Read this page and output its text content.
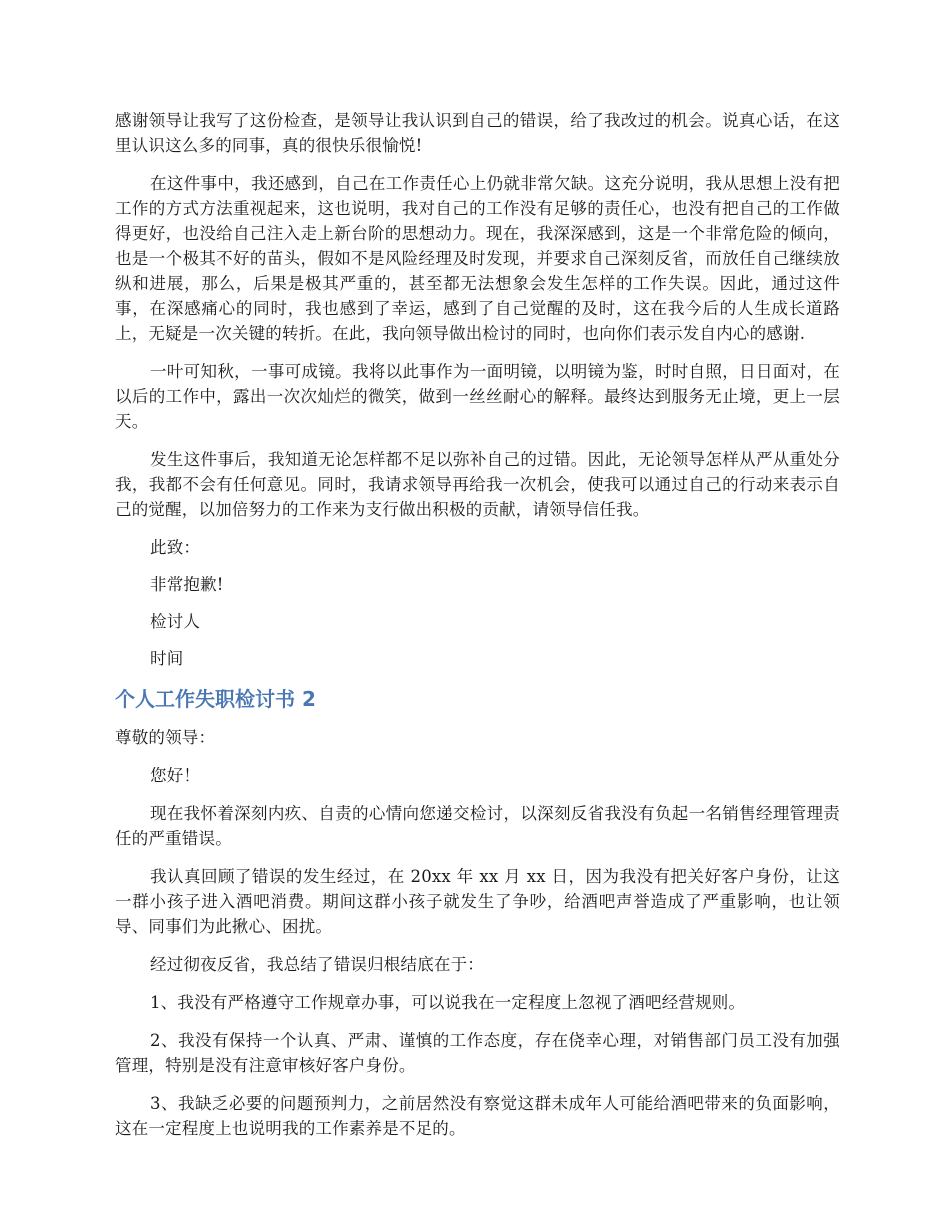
感谢领导让我写了这份检查，是领导让我认识到自己的错误，给了我改过的机会。说真心话，在这里认识这么多的同事，真的很快乐很愉悦!

在这件事中，我还感到，自己在工作责任心上仍就非常欠缺。这充分说明，我从思想上没有把工作的方式方法重视起来，这也说明，我对自己的工作没有足够的责任心，也没有把自己的工作做得更好，也没给自己注入走上新台阶的思想动力。现在，我深深感到，这是一个非常危险的倾向，也是一个极其不好的苗头，假如不是风险经理及时发现，并要求自己深刻反省，而放任自己继续放纵和进展，那么，后果是极其严重的，甚至都无法想象会发生怎样的工作失误。因此，通过这件事，在深感痛心的同时，我也感到了幸运，感到了自己觉醒的及时，这在我今后的人生成长道路上，无疑是一次关键的转折。在此，我向领导做出检讨的同时，也向你们表示发自内心的感谢.

一叶可知秋，一事可成镜。我将以此事作为一面明镜，以明镜为鉴，时时自照，日日面对，在以后的工作中，露出一次次灿烂的微笑，做到一丝丝耐心的解释。最终达到服务无止境，更上一层天。

发生这件事后，我知道无论怎样都不足以弥补自己的过错。因此，无论领导怎样从严从重处分我，我都不会有任何意见。同时，我请求领导再给我一次机会，使我可以通过自己的行动来表示自己的觉醒，以加倍努力的工作来为支行做出积极的贡献，请领导信任我。

此致：

非常抱歉!

检讨人

时间

个人工作失职检讨书 2

尊敬的领导：

您好！

现在我怀着深刻内疚、自责的心情向您递交检讨，以深刻反省我没有负起一名销售经理管理责任的严重错误。

我认真回顾了错误的发生经过，在 20xx 年 xx 月 xx 日，因为我没有把关好客户身份，让这一群小孩子进入酒吧消费。期间这群小孩子就发生了争吵，给酒吧声誉造成了严重影响，也让领导、同事们为此揪心、困扰。

经过彻夜反省，我总结了错误归根结底在于：

1、我没有严格遵守工作规章办事，可以说我在一定程度上忽视了酒吧经营规则。

2、我没有保持一个认真、严肃、谨慎的工作态度，存在侥幸心理，对销售部门员工没有加强管理，特别是没有注意审核好客户身份。

3、我缺乏必要的问题预判力，之前居然没有察觉这群未成年人可能给酒吧带来的负面影响，这在一定程度上也说明我的工作素养是不足的。
